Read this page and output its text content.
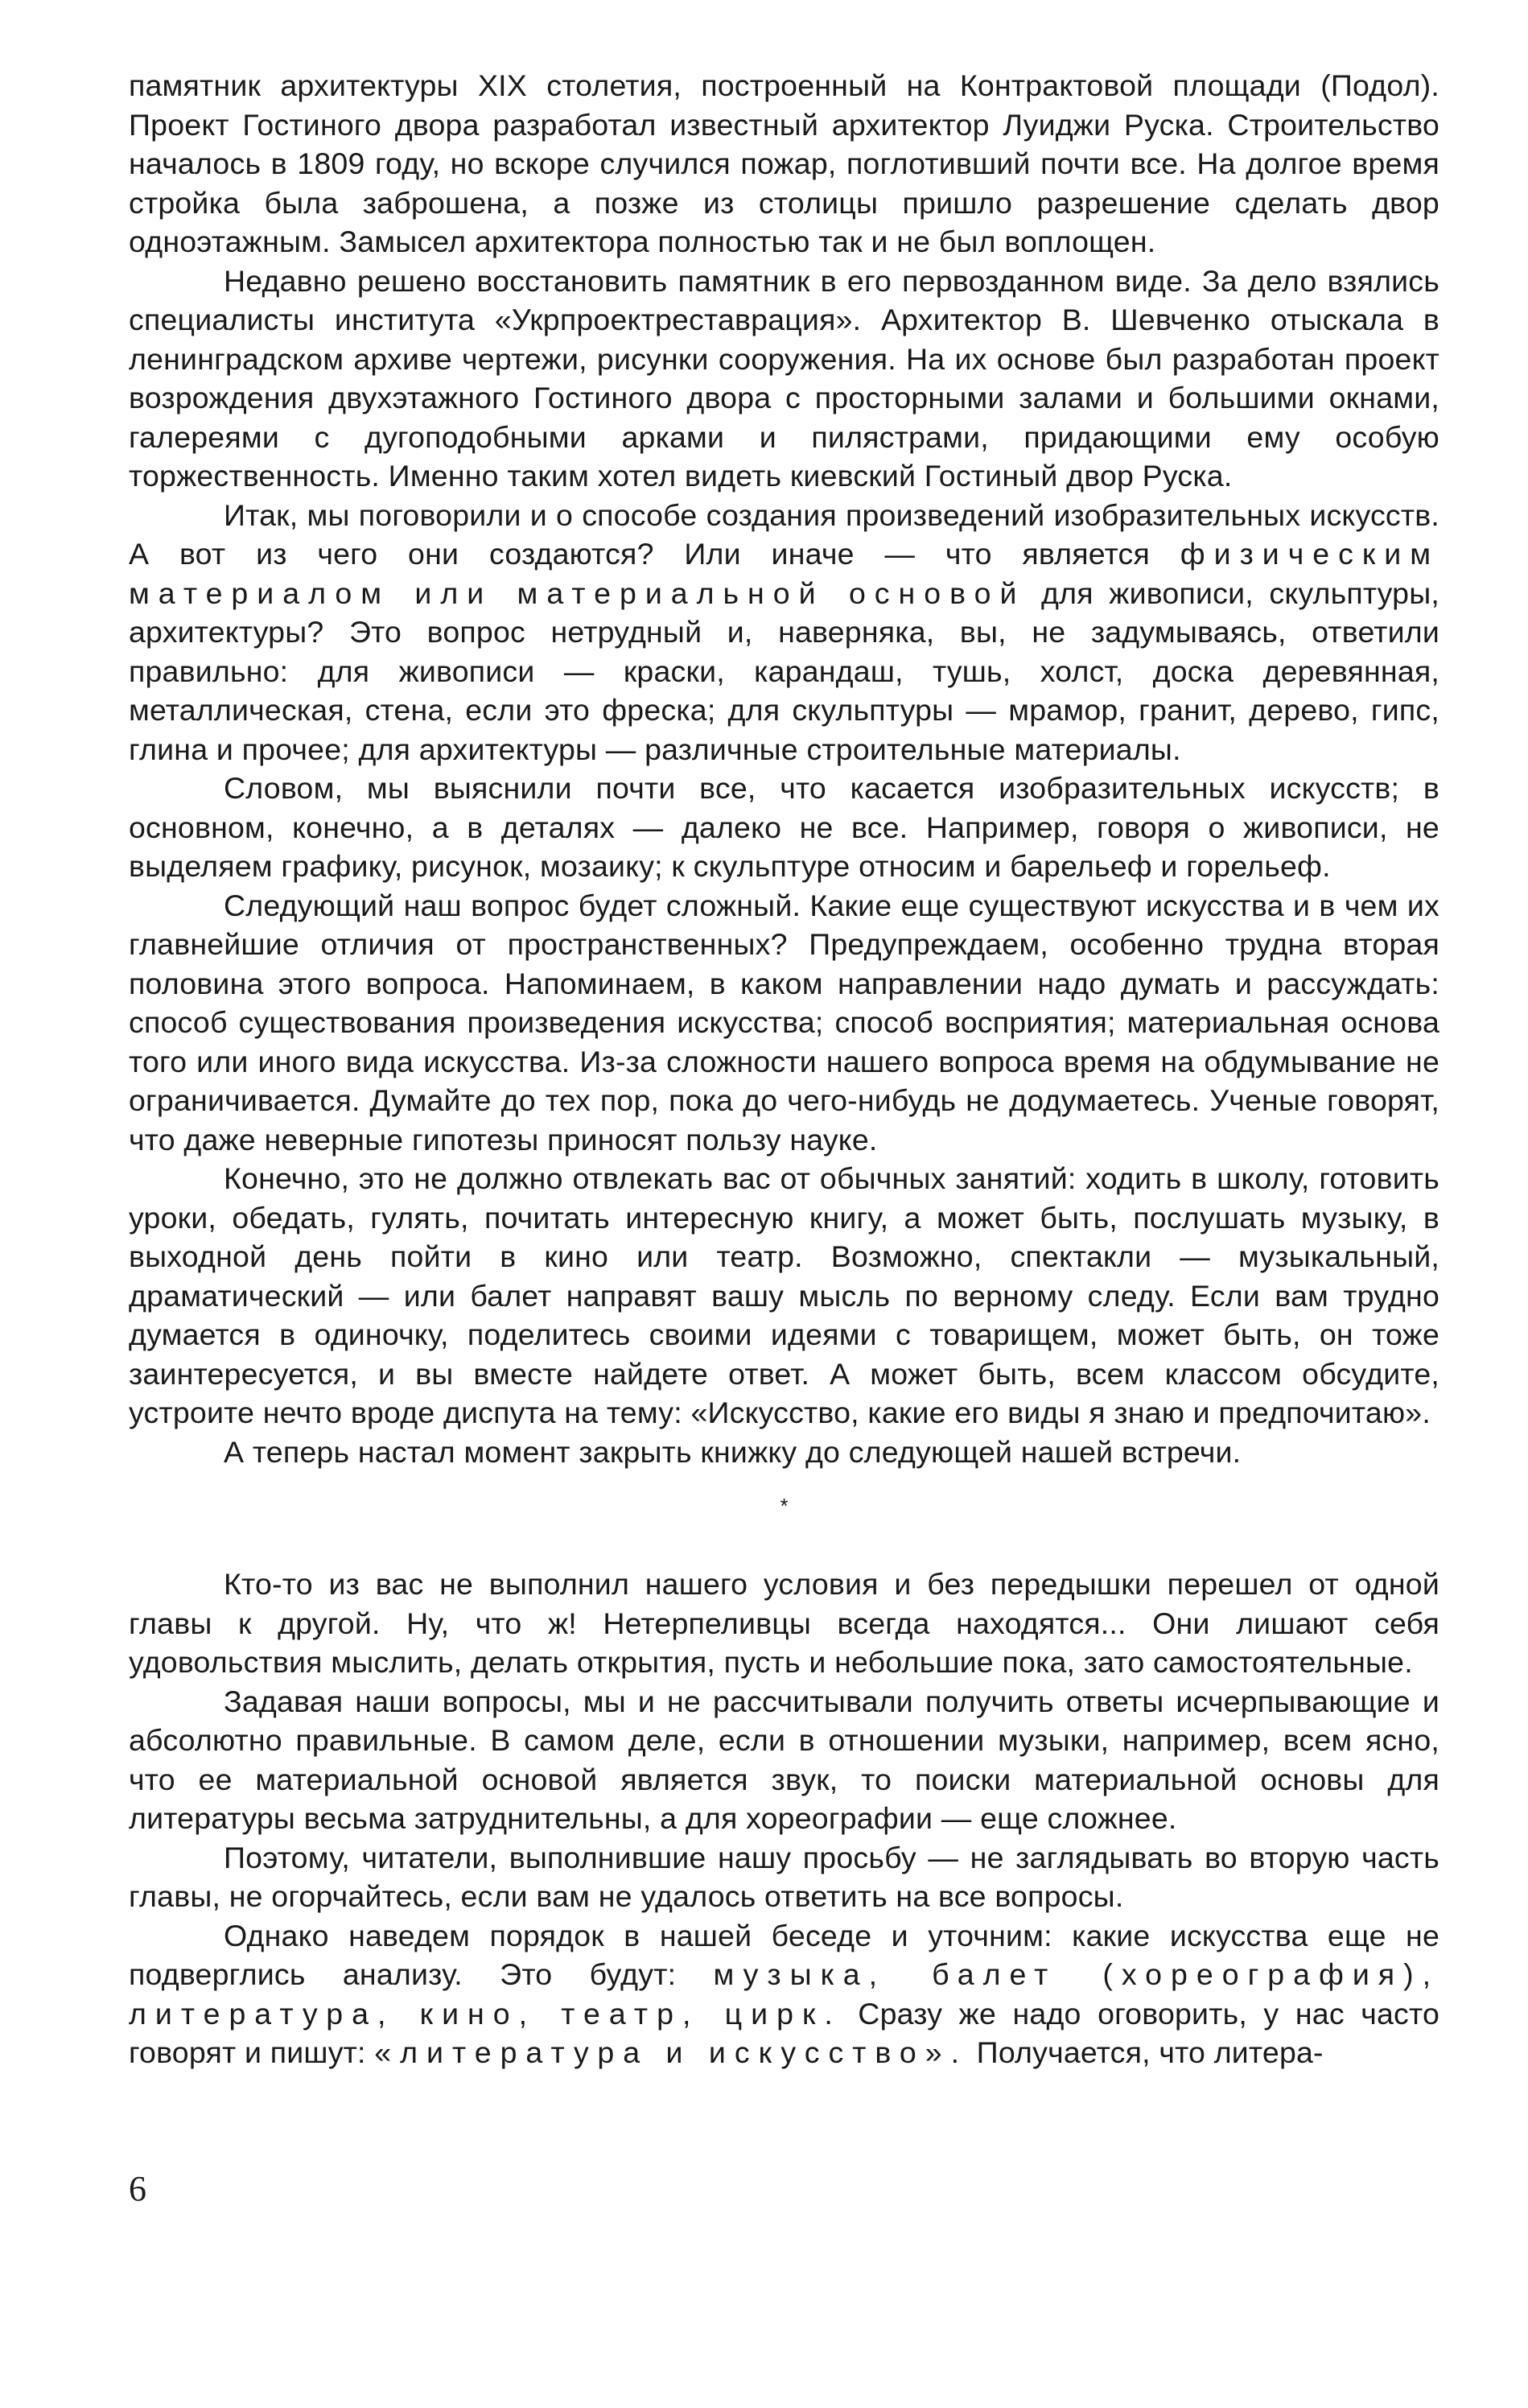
памятник архитектуры XIX столетия, построенный на Контрактовой площади (Подол). Проект Гостиного двора разработал известный архитектор Луиджи Руска. Строительство началось в 1809 году, но вскоре случился пожар, поглотивший почти все. На долгое время стройка была заброшена, а позже из столицы пришло разрешение сделать двор одноэтажным. Замысел архитектора полностью так и не был воплощен.

Недавно решено восстановить памятник в его первозданном виде. За дело взялись специалисты института «Укрпроектреставрация». Архитектор В. Шевченко отыскала в ленинградском архиве чертежи, рисунки сооружения. На их основе был разработан проект возрождения двухэтажного Гостиного двора с просторными залами и большими окнами, галереями с дугоподобными арками и пилястрами, придающими ему особую торжественность. Именно таким хотел видеть киевский Гостиный двор Руска.

Итак, мы поговорили и о способе создания произведений изобразительных искусств. А вот из чего они создаются? Или иначе — что является физическим материалом или материальной основой для живописи, скульптуры, архитектуры? Это вопрос нетрудный и, наверняка, вы, не задумываясь, ответили правильно: для живописи — краски, карандаш, тушь, холст, доска деревянная, металлическая, стена, если это фреска; для скульптуры — мрамор, гранит, дерево, гипс, глина и прочее; для архитектуры — различные строительные материалы.

Словом, мы выяснили почти все, что касается изобразительных искусств; в основном, конечно, а в деталях — далеко не все. Например, говоря о живописи, не выделяем графику, рисунок, мозаику; к скульптуре относим и барельеф и горельеф.

Следующий наш вопрос будет сложный. Какие еще существуют искусства и в чем их главнейшие отличия от пространственных? Предупреждаем, особенно трудна вторая половина этого вопроса. Напоминаем, в каком направлении надо думать и рассуждать: способ существования произведения искусства; способ восприятия; материальная основа того или иного вида искусства. Из-за сложности нашего вопроса время на обдумывание не ограничивается. Думайте до тех пор, пока до чего-нибудь не додумаетесь. Ученые говорят, что даже неверные гипотезы приносят пользу науке.

Конечно, это не должно отвлекать вас от обычных занятий: ходить в школу, готовить уроки, обедать, гулять, почитать интересную книгу, а может быть, послушать музыку, в выходной день пойти в кино или театр. Возможно, спектакли — музыкальный, драматический — или балет направят вашу мысль по верному следу. Если вам трудно думается в одиночку, поделитесь своими идеями с товарищем, может быть, он тоже заинтересуется, и вы вместе найдете ответ. А может быть, всем классом обсудите, устроите нечто вроде диспута на тему: «Искусство, какие его виды я знаю и предпочитаю».

А теперь настал момент закрыть книжку до следующей нашей встречи.

*

Кто-то из вас не выполнил нашего условия и без передышки перешел от одной главы к другой. Ну, что ж! Нетерпеливцы всегда находятся... Они лишают себя удовольствия мыслить, делать открытия, пусть и небольшие пока, зато самостоятельные.

Задавая наши вопросы, мы и не рассчитывали получить ответы исчерпывающие и абсолютно правильные. В самом деле, если в отношении музыки, например, всем ясно, что ее материальной основой является звук, то поиски материальной основы для литературы весьма затруднительны, а для хореографии — еще сложнее.

Поэтому, читатели, выполнившие нашу просьбу — не заглядывать во вторую часть главы, не огорчайтесь, если вам не удалось ответить на все вопросы.

Однако наведем порядок в нашей беседе и уточним: какие искусства еще не подверглись анализу. Это будут: музыка, балет (хореография), литература, кино, театр, цирк. Сразу же надо оговорить, у нас часто говорят и пишут: «литература и искусство». Получается, что литера-

6
